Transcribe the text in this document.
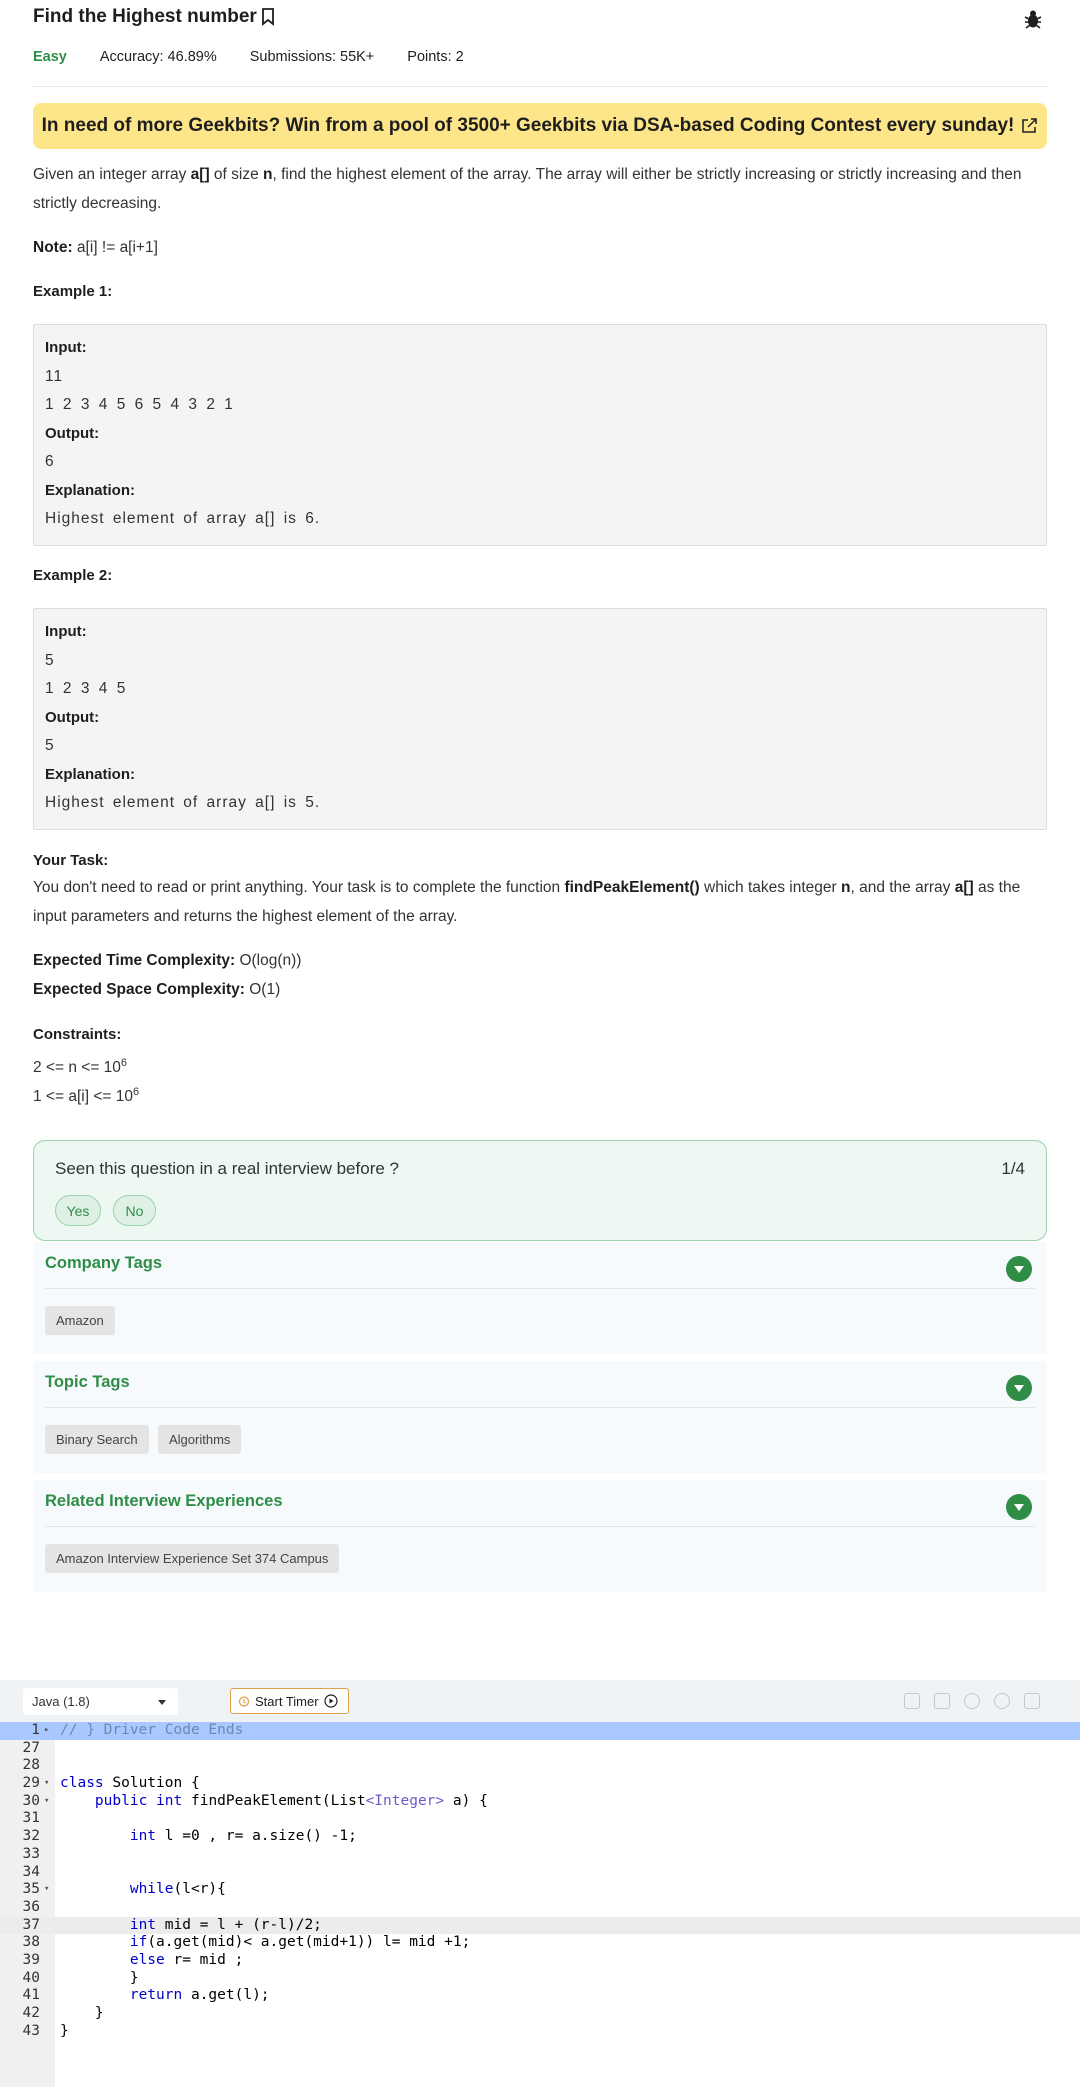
Find the Highest number
Easy Accuracy: 46.89% Submissions: 55K+ Points: 2
In need of more Geekbits? Win from a pool of 3500+ Geekbits via DSA-based Coding Contest every sunday!
Given an integer array a[] of size n, find the highest element of the array. The array will either be strictly increasing or strictly increasing and then strictly decreasing.
Note: a[i] != a[i+1]
Example 1:
Input:
11
1 2 3 4 5 6 5 4 3 2 1
Output:
6
Explanation:
Highest element of array a[] is 6.
Example 2:
Input:
5
1 2 3 4 5
Output:
5
Explanation:
Highest element of array a[] is 5.
Your Task:
You don't need to read or print anything. Your task is to complete the function findPeakElement() which takes integer n, and the array a[] as the input parameters and returns the highest element of the array.
Expected Time Complexity: O(log(n))
Expected Space Complexity: O(1)
Constraints:
$2 <= n <= 10^6$
$1 <= a[i] <= 10^6$
Seen this question in a real interview before ?	1/4
Yes	No
Company Tags
Amazon
Topic Tags
Binary Search	Algorithms
Related Interview Experiences
Amazon Interview Experience Set 374 Campus
Java (1.8)	Start Timer
1 ▸ // } Driver Code Ends
27
28
29 ▾ class Solution {
30 ▾	public int findPeakElement(List<Integer> a) {
31
32	int l =0 , r= a.size() -1;
33
34
35 ▾	while(l<r){
36
37	int mid = l + (r-l)/2;
38	if(a.get(mid)< a.get(mid+1)) l= mid +1;
39	else r= mid ;
40 }
41	return a.get(l);
42 }
43 }
